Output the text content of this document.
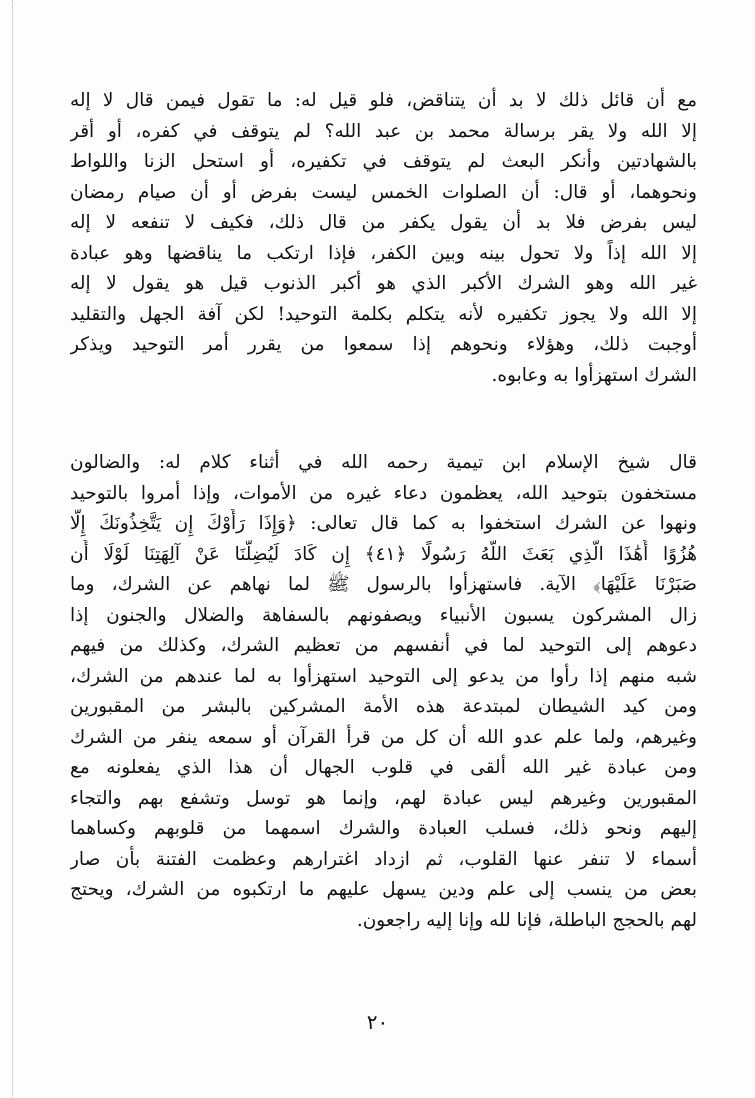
مع أن قائل ذلك لا بد أن يتناقض، فلو قيل له: ما تقول فيمن قال لا إله
إلا الله ولا يقر برسالة محمد بن عبد الله؟ لم يتوقف في كفره، أو أقر
بالشهادتين وأنكر البعث لم يتوقف في تكفيره، أو استحل الزنا واللواط
ونحوهما، أو قال: أن الصلوات الخمس ليست بفرض أو أن صيام رمضان
ليس بفرض فلا بد أن يقول يكفر من قال ذلك، فكيف لا تنفعه لا إله
إلا الله إذاً ولا تحول بينه وبين الكفر، فإذا ارتكب ما يناقضها وهو عبادة
غير الله وهو الشرك الأكبر الذي هو أكبر الذنوب قيل هو يقول لا إله
إلا الله ولا يجوز تكفيره لأنه يتكلم بكلمة التوحيد! لكن آفة الجهل والتقليد
أوجبت ذلك، وهؤلاء ونحوهم إذا سمعوا من يقرر أمر التوحيد ويذكر
الشرك استهزأوا به وعابوه.
قال شيخ الإسلام ابن تيمية رحمه الله في أثناء كلام له: والضالون
مستخفون بتوحيد الله، يعظمون دعاء غيره من الأموات، وإذا أمروا بالتوحيد
ونهوا عن الشرك استخفوا به كما قال تعالى: ﴿وَإِذَا رَأَوْكَ إِن يَتَّخِذُونَكَ إِلَّا
هُزُوًا أَهَٰذَا الَّذِي بَعَثَ اللَّهُ رَسُولًا ﴿٤١﴾ إِن كَادَ لَيُضِلُّنَا عَنْ آلِهَتِنَا لَوْلَا أَن
صَبَرْنَا عَلَيْهَا﴾ الآية. فاستهزأوا بالرسول ﷺ لما نهاهم عن الشرك، وما
زال المشركون يسبون الأنبياء ويصفونهم بالسفاهة والضلال والجنون إذا
دعوهم إلى التوحيد لما في أنفسهم من تعظيم الشرك، وكذلك من فيهم
شبه منهم إذا رأوا من يدعو إلى التوحيد استهزأوا به لما عندهم من الشرك،
ومن كيد الشيطان لمبتدعة هذه الأمة المشركين بالبشر من المقبورين
وغيرهم، ولما علم عدو الله أن كل من قرأ القرآن أو سمعه ينفر من الشرك
ومن عبادة غير الله ألقى في قلوب الجهال أن هذا الذي يفعلونه مع
المقبورين وغيرهم ليس عبادة لهم، وإنما هو توسل وتشفع بهم والتجاء
إليهم ونحو ذلك، فسلب العبادة والشرك اسمهما من قلوبهم وكساهما
أسماء لا تنفر عنها القلوب، ثم ازداد اغترارهم وعظمت الفتنة بأن صار
بعض من ينسب إلى علم ودين يسهل عليهم ما ارتكبوه من الشرك، ويحتج
لهم بالحجج الباطلة، فإنا لله وإنا إليه راجعون.
٢٠
